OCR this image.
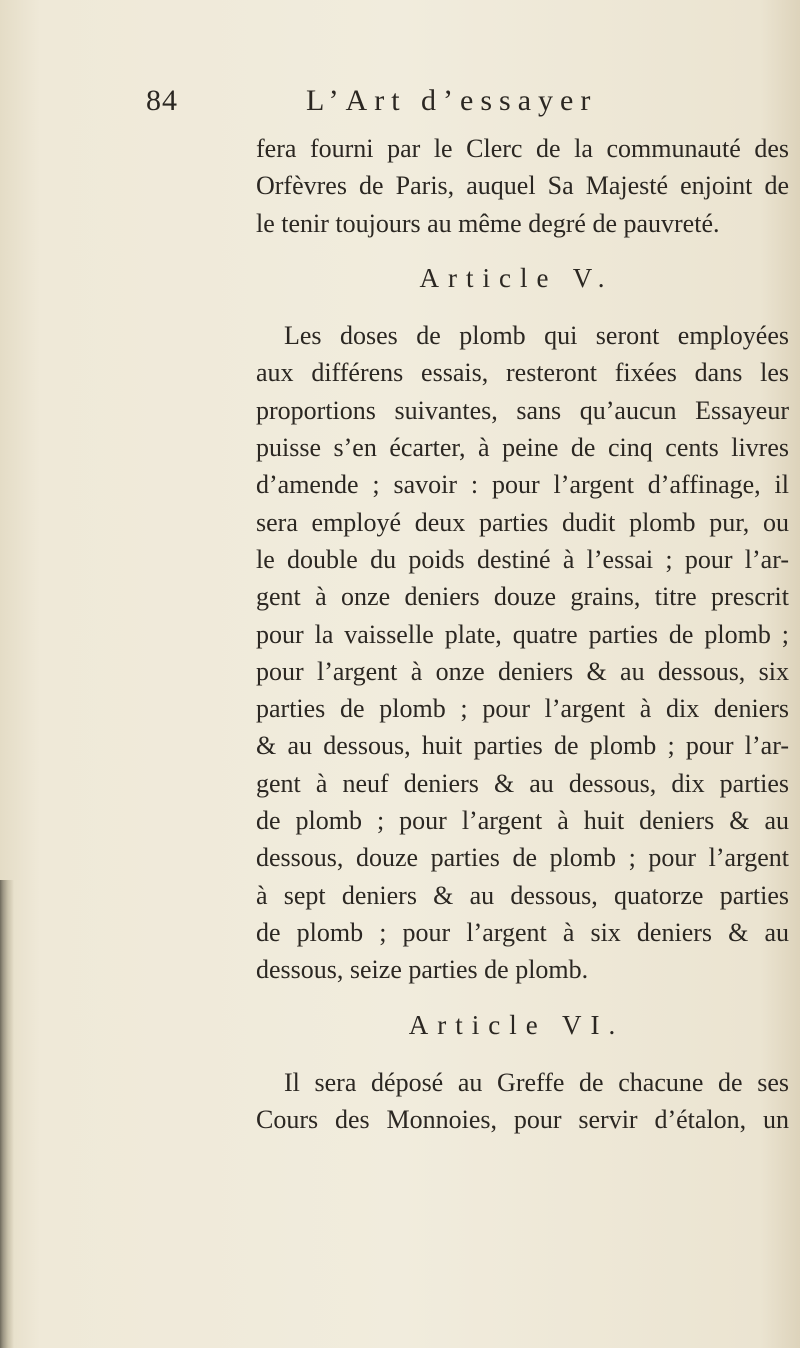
84	L’Art d’essayer
fera fourni par le Clerc de la communauté des
Orfèvres de Paris, auquel Sa Majesté enjoint de
le tenir toujours au même degré de pauvreté.
Article V.
Les doses de plomb qui seront employées
aux différens essais, resteront fixées dans les
proportions suivantes, sans qu’aucun Essayeur
puisse s’en écarter, à peine de cinq cents livres
d’amende ; savoir : pour l’argent d’affinage, il
sera employé deux parties dudit plomb pur, ou
le double du poids destiné à l’essai ; pour l’ar-
gent à onze deniers douze grains, titre prescrit
pour la vaisselle plate, quatre parties de plomb ;
pour l’argent à onze deniers & au dessous, six
parties de plomb ; pour l’argent à dix deniers
& au dessous, huit parties de plomb ; pour l’ar-
gent à neuf deniers & au dessous, dix parties
de plomb ; pour l’argent à huit deniers & au
dessous, douze parties de plomb ; pour l’argent
à sept deniers & au dessous, quatorze parties
de plomb ; pour l’argent à six deniers & au
dessous, seize parties de plomb.
Article VI.
Il sera déposé au Greffe de chacune de ses
Cours des Monnoies, pour servir d’étalon, un
